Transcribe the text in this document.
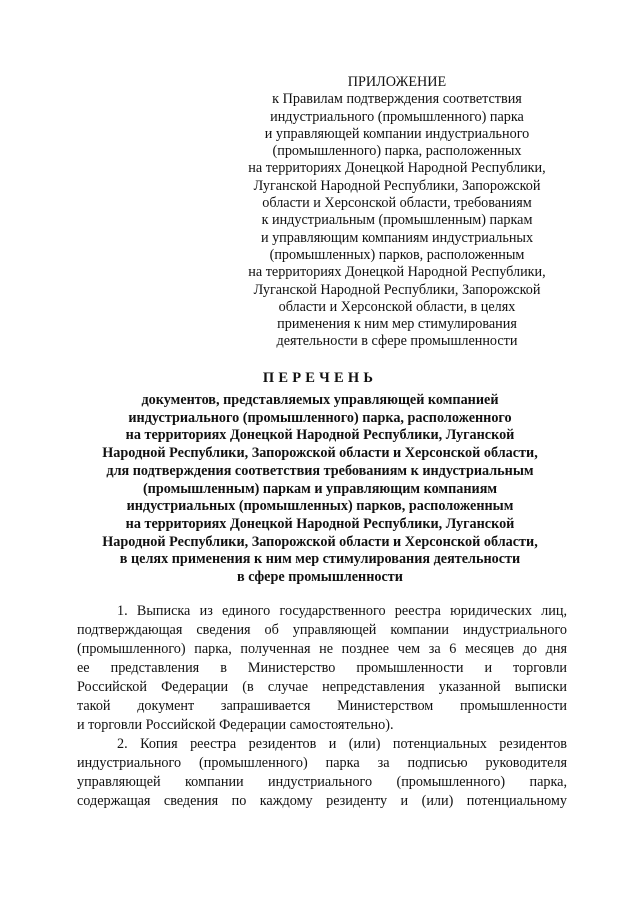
ПРИЛОЖЕНИЕ
к Правилам подтверждения соответствия
индустриального (промышленного) парка
и управляющей компании индустриального
(промышленного) парка, расположенных
на территориях Донецкой Народной Республики,
Луганской Народной Республики, Запорожской
области и Херсонской области, требованиям
к индустриальным (промышленным) паркам
и управляющим компаниям индустриальных
(промышленных) парков, расположенным
на территориях Донецкой Народной Республики,
Луганской Народной Республики, Запорожской
области и Херсонской области, в целях
применения к ним мер стимулирования
деятельности в сфере промышленности
ПЕРЕЧЕНЬ
документов, представляемых управляющей компанией
индустриального (промышленного) парка, расположенного
на территориях Донецкой Народной Республики, Луганской
Народной Республики, Запорожской области и Херсонской области,
для подтверждения соответствия требованиям к индустриальным
(промышленным) паркам и управляющим компаниям
индустриальных (промышленных) парков, расположенным
на территориях Донецкой Народной Республики, Луганской
Народной Республики, Запорожской области и Херсонской области,
в целях применения к ним мер стимулирования деятельности
в сфере промышленности
1. Выписка из единого государственного реестра юридических лиц,
подтверждающая сведения об управляющей компании индустриального
(промышленного) парка, полученная не позднее чем за 6 месяцев до дня
ее представления в Министерство промышленности и торговли
Российской Федерации (в случае непредставления указанной выписки
такой документ запрашивается Министерством промышленности
и торговли Российской Федерации самостоятельно).
2. Копия реестра резидентов и (или) потенциальных резидентов
индустриального (промышленного) парка за подписью руководителя
управляющей компании индустриального (промышленного) парка,
содержащая сведения по каждому резиденту и (или) потенциальному
